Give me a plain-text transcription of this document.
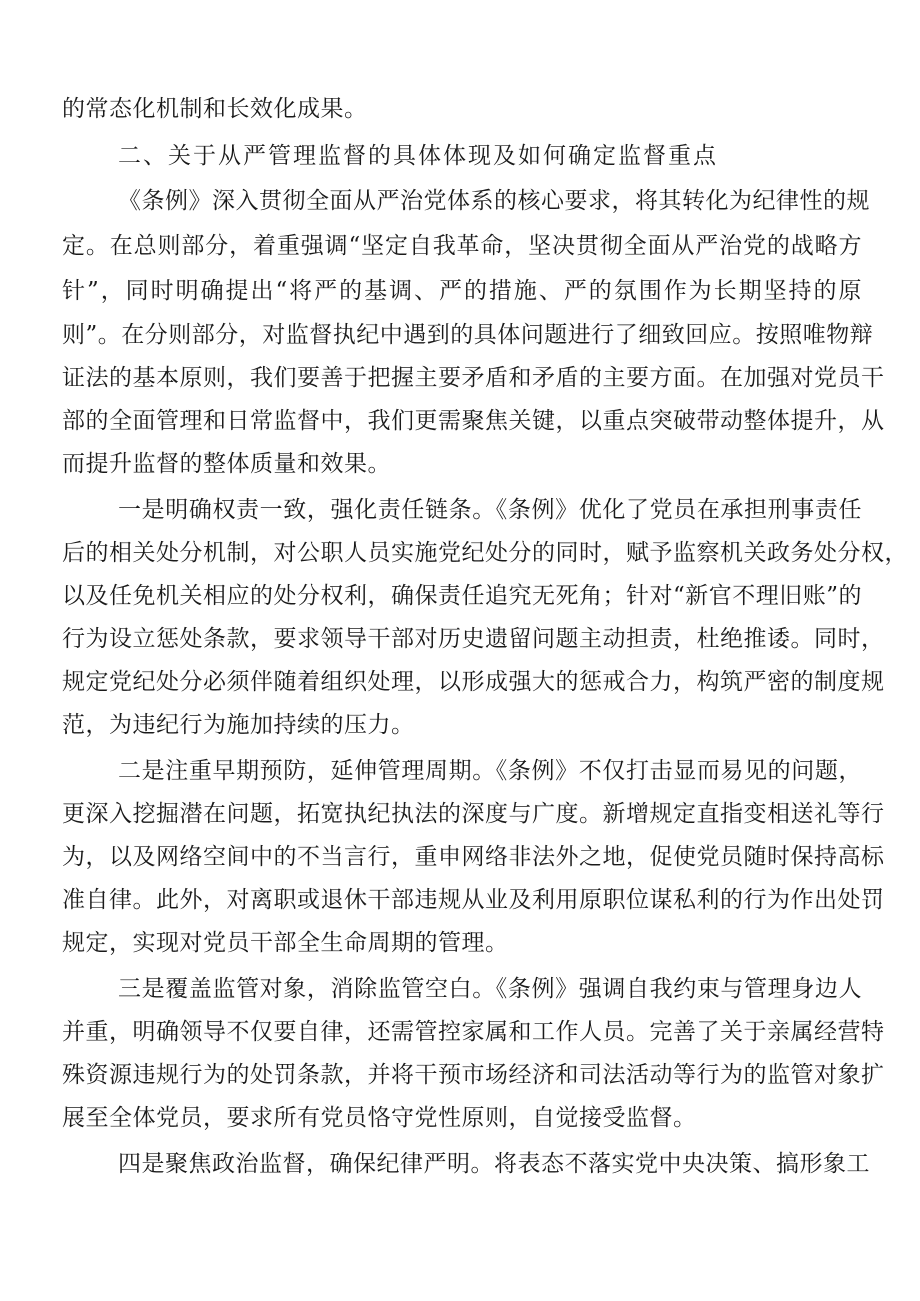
的常态化机制和长效化成果。

二、关于从严管理监督的具体体现及如何确定监督重点

《条例》深入贯彻全面从严治党体系的核心要求，将其转化为纪律性的规

定。在总则部分，着重强调“坚定自我革命，坚决贯彻全面从严治党的战略方

针”，同时明确提出“将严的基调、严的措施、严的氛围作为长期坚持的原

则”。在分则部分，对监督执纪中遇到的具体问题进行了细致回应。按照唯物辩

证法的基本原则，我们要善于把握主要矛盾和矛盾的主要方面。在加强对党员干

部的全面管理和日常监督中，我们更需聚焦关键，以重点突破带动整体提升，从

而提升监督的整体质量和效果。

一是明确权责一致，强化责任链条。《条例》优化了党员在承担刑事责任

后的相关处分机制，对公职人员实施党纪处分的同时，赋予监察机关政务处分权，

以及任免机关相应的处分权利，确保责任追究无死角；针对“新官不理旧账”的

行为设立惩处条款，要求领导干部对历史遗留问题主动担责，杜绝推诿。同时，

规定党纪处分必须伴随着组织处理，以形成强大的惩戒合力，构筑严密的制度规

范，为违纪行为施加持续的压力。

二是注重早期预防，延伸管理周期。《条例》不仅打击显而易见的问题，

更深入挖掘潜在问题，拓宽执纪执法的深度与广度。新增规定直指变相送礼等行

为，以及网络空间中的不当言行，重申网络非法外之地，促使党员随时保持高标

准自律。此外，对离职或退休干部违规从业及利用原职位谋私利的行为作出处罚

规定，实现对党员干部全生命周期的管理。

三是覆盖监管对象，消除监管空白。《条例》强调自我约束与管理身边人

并重，明确领导不仅要自律，还需管控家属和工作人员。完善了关于亲属经营特

殊资源违规行为的处罚条款，并将干预市场经济和司法活动等行为的监管对象扩

展至全体党员，要求所有党员恪守党性原则，自觉接受监督。

四是聚焦政治监督，确保纪律严明。将表态不落实党中央决策、搞形象工
